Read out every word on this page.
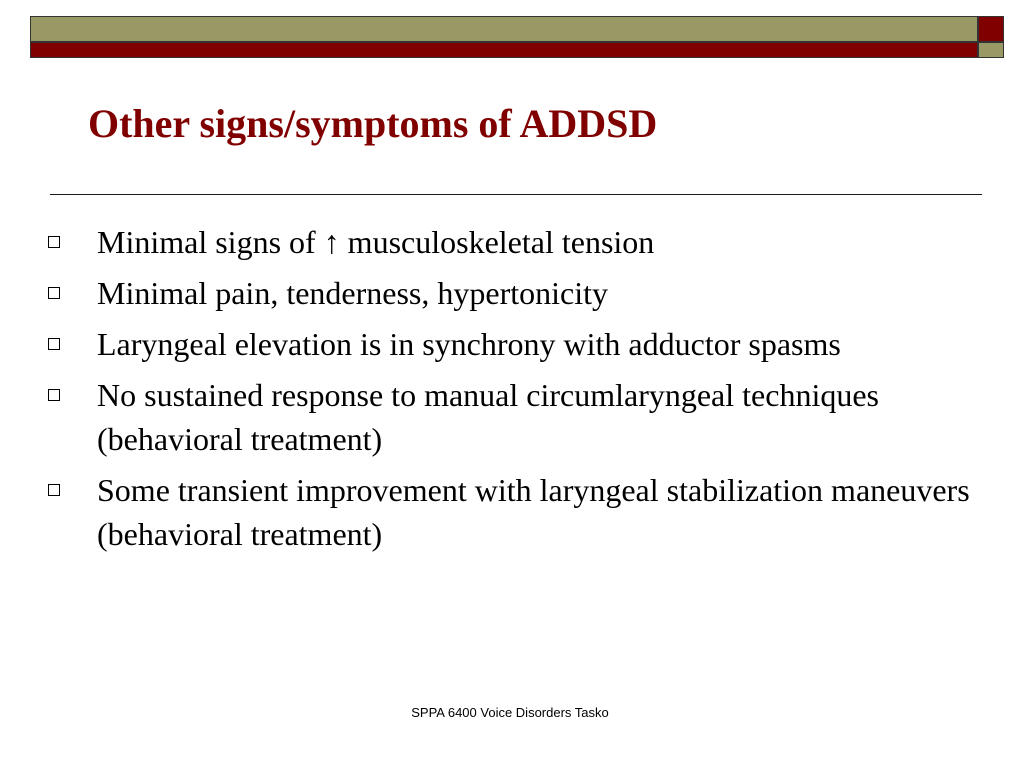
Other signs/symptoms of ADDSD
Minimal signs of ↑ musculoskeletal tension
Minimal pain, tenderness, hypertonicity
Laryngeal elevation is in synchrony with adductor spasms
No sustained response to manual circumlaryngeal techniques (behavioral treatment)
Some transient improvement with laryngeal stabilization maneuvers (behavioral treatment)
SPPA 6400 Voice Disorders Tasko
